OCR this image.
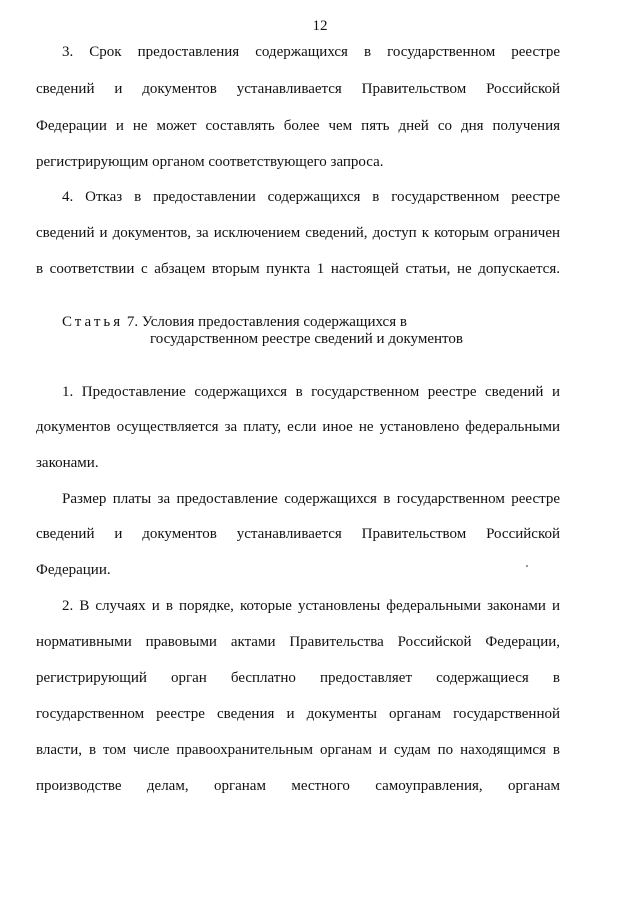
12
3. Срок предоставления содержащихся в государственном реестре
сведений и документов устанавливается Правительством Российской
Федерации и не может составлять более чем пять дней со дня получения
регистрирующим органом соответствующего запроса.
4. Отказ в предоставлении содержащихся в государственном реестре
сведений и документов, за исключением сведений, доступ к которым ограничен
в соответствии с абзацем вторым пункта 1 настоящей статьи, не допускается.
Статья 7. Условия предоставления содержащихся в
государственном реестре сведений и документов
1. Предоставление содержащихся в государственном реестре сведений и
документов осуществляется за плату, если иное не установлено федеральными
законами.
Размер платы за предоставление содержащихся в государственном реестре
сведений и документов устанавливается Правительством Российской
Федерации.
2. В случаях и в порядке, которые установлены федеральными законами и
нормативными правовыми актами Правительства Российской Федерации,
регистрирующий орган бесплатно предоставляет содержащиеся в
государственном реестре сведения и документы органам государственной
власти, в том числе правоохранительным органам и судам по находящимся в
производстве делам, органам местного самоуправления, органам
